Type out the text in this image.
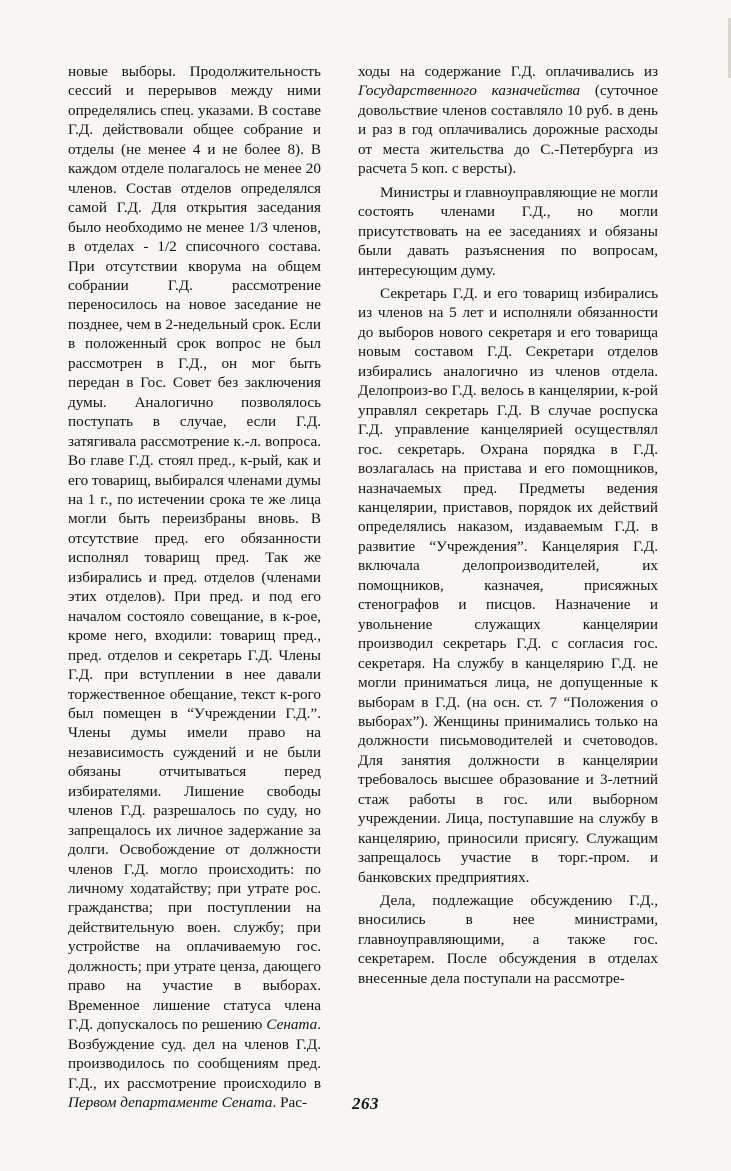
новые выборы. Продолжительность сессий и перерывов между ними определялись спец. указами. В составе Г.Д. действовали общее собрание и отделы (не менее 4 и не более 8). В каждом отделе полагалось не менее 20 членов. Состав отделов определялся самой Г.Д. Для открытия заседания было необходимо не менее 1/3 членов, в отделах - 1/2 списочного состава. При отсутствии кворума на общем собрании Г.Д. рассмотрение переносилось на новое заседание не позднее, чем в 2-недельный срок. Если в положенный срок вопрос не был рассмотрен в Г.Д., он мог быть передан в Гос. Совет без заключения думы. Аналогично позволялось поступать в случае, если Г.Д. затягивала рассмотрение к.-л. вопроса. Во главе Г.Д. стоял пред., к-рый, как и его товарищ, выбирался членами думы на 1 г., по истечении срока те же лица могли быть переизбраны вновь. В отсутствие пред. его обязанности исполнял товарищ пред. Так же избирались и пред. отделов (членами этих отделов). При пред. и под его началом состояло совещание, в к-рое, кроме него, входили: товарищ пред., пред. отделов и секретарь Г.Д. Члены Г.Д. при вступлении в нее давали торжественное обещание, текст к-рого был помещен в “Учреждении Г.Д.”. Члены думы имели право на независимость суждений и не были обязаны отчитываться перед избирателями. Лишение свободы членов Г.Д. разрешалось по суду, но запрещалось их личное задержание за долги. Освобождение от должности членов Г.Д. могло происходить: по личному ходатайству; при утрате рос. гражданства; при поступлении на действительную воен. службу; при устройстве на оплачиваемую гос. должность; при утрате ценза, дающего право на участие в выборах. Временное лишение статуса члена Г.Д. допускалось по решению Сената. Возбуждение суд. дел на членов Г.Д. производилось по сообщениям пред. Г.Д., их рассмотрение происходило в Первом департаменте Сената. Рас-

ходы на содержание Г.Д. оплачивались из Государственного казначейства (суточное довольствие членов составляло 10 руб. в день и раз в год оплачивались дорожные расходы от места жительства до С.-Петербурга из расчета 5 коп. с версты).

Министры и главноуправляющие не могли состоять членами Г.Д., но могли присутствовать на ее заседаниях и обязаны были давать разъяснения по вопросам, интересующим думу.

Секретарь Г.Д. и его товарищ избирались из членов на 5 лет и исполняли обязанности до выборов нового секретаря и его товарища новым составом Г.Д. Секретари отделов избирались аналогично из членов отдела. Делопроиз-во Г.Д. велось в канцелярии, к-рой управлял секретарь Г.Д. В случае роспуска Г.Д. управление канцелярией осуществлял гос. секретарь. Охрана порядка в Г.Д. возлагалась на пристава и его помощников, назначаемых пред. Предметы ведения канцелярии, приставов, порядок их действий определялись наказом, издаваемым Г.Д. в развитие “Учреждения”. Канцелярия Г.Д. включала делопроизводителей, их помощников, казначея, присяжных стенографов и писцов. Назначение и увольнение служащих канцелярии производил секретарь Г.Д. с согласия гос. секретаря. На службу в канцелярию Г.Д. не могли приниматься лица, не допущенные к выборам в Г.Д. (на осн. ст. 7 “Положения о выборах”). Женщины принимались только на должности письмоводителей и счетоводов. Для занятия должности в канцелярии требовалось высшее образование и 3-летний стаж работы в гос. или выборном учреждении. Лица, поступавшие на службу в канцелярию, приносили присягу. Служащим запрещалось участие в торг.-пром. и банковских предприятиях.

Дела, подлежащие обсуждению Г.Д., вносились в нее министрами, главноуправляющими, а также гос. секретарем. После обсуждения в отделах внесенные дела поступали на рассмотре-

263
